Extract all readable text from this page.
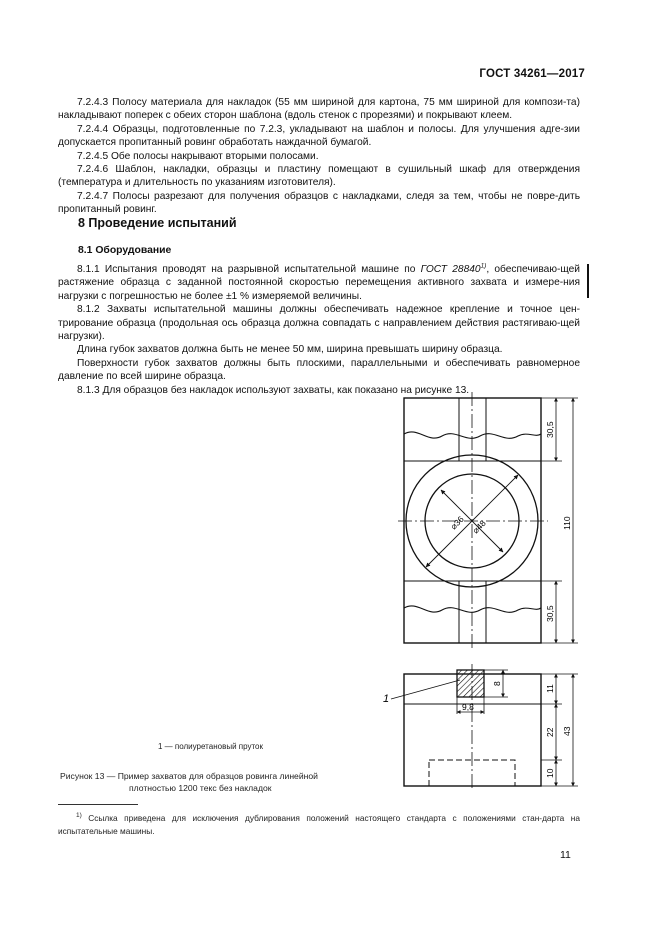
ГОСТ 34261—2017

7.2.4.3 Полосу материала для накладок (55 мм шириной для картона, 75 мм шириной для компози-та) накладывают поперек с обеих сторон шаблона (вдоль стенок с прорезями) и покрывают клеем.

7.2.4.4 Образцы, подготовленные по 7.2.3, укладывают на шаблон и полосы. Для улучшения адге-зии допускается пропитанный ровинг обработать наждачной бумагой.

7.2.4.5 Обе полосы накрывают вторыми полосами.

7.2.4.6 Шаблон, накладки, образцы и пластину помещают в сушильный шкаф для отверждения (температура и длительность по указаниям изготовителя).

7.2.4.7 Полосы разрезают для получения образцов с накладками, следя за тем, чтобы не повре-дить пропитанный ровинг.

8 Проведение испытаний
8.1 Оборудование

8.1.1 Испытания проводят на разрывной испытательной машине по ГОСТ 28840$^{1)}$, обеспечиваю-щей растяжение образца с заданной постоянной скоростью перемещения активного захвата и измере-ния нагрузки с погрешностью не более ±1 % измеряемой величины.

8.1.2 Захваты испытательной машины должны обеспечивать надежное крепление и точное цен-трирование образца (продольная ось образца должна совпадать с направлением действия растягиваю-щей нагрузки).

Длина губок захватов должна быть не менее 50 мм, ширина превышать ширину образца.

Поверхности губок захватов должны быть плоскими, параллельными и обеспечивать равномерное давление по всей ширине образца.

8.1.3 Для образцов без накладок используют захваты, как показано на рисунке 13.

⌀36 ⌀48
30,5
30,5
110
9,8
8
1
11
22
10
43
1 — полиуретановый пруток
Рисунок 13 — Пример захватов для образцов ровинга линейной
плотностью 1200 текс без накладок
$^{1)}$ Ссылка приведена для исключения дублирования положений настоящего стандарта с положениями стан-дарта на испытательные машины.
11
